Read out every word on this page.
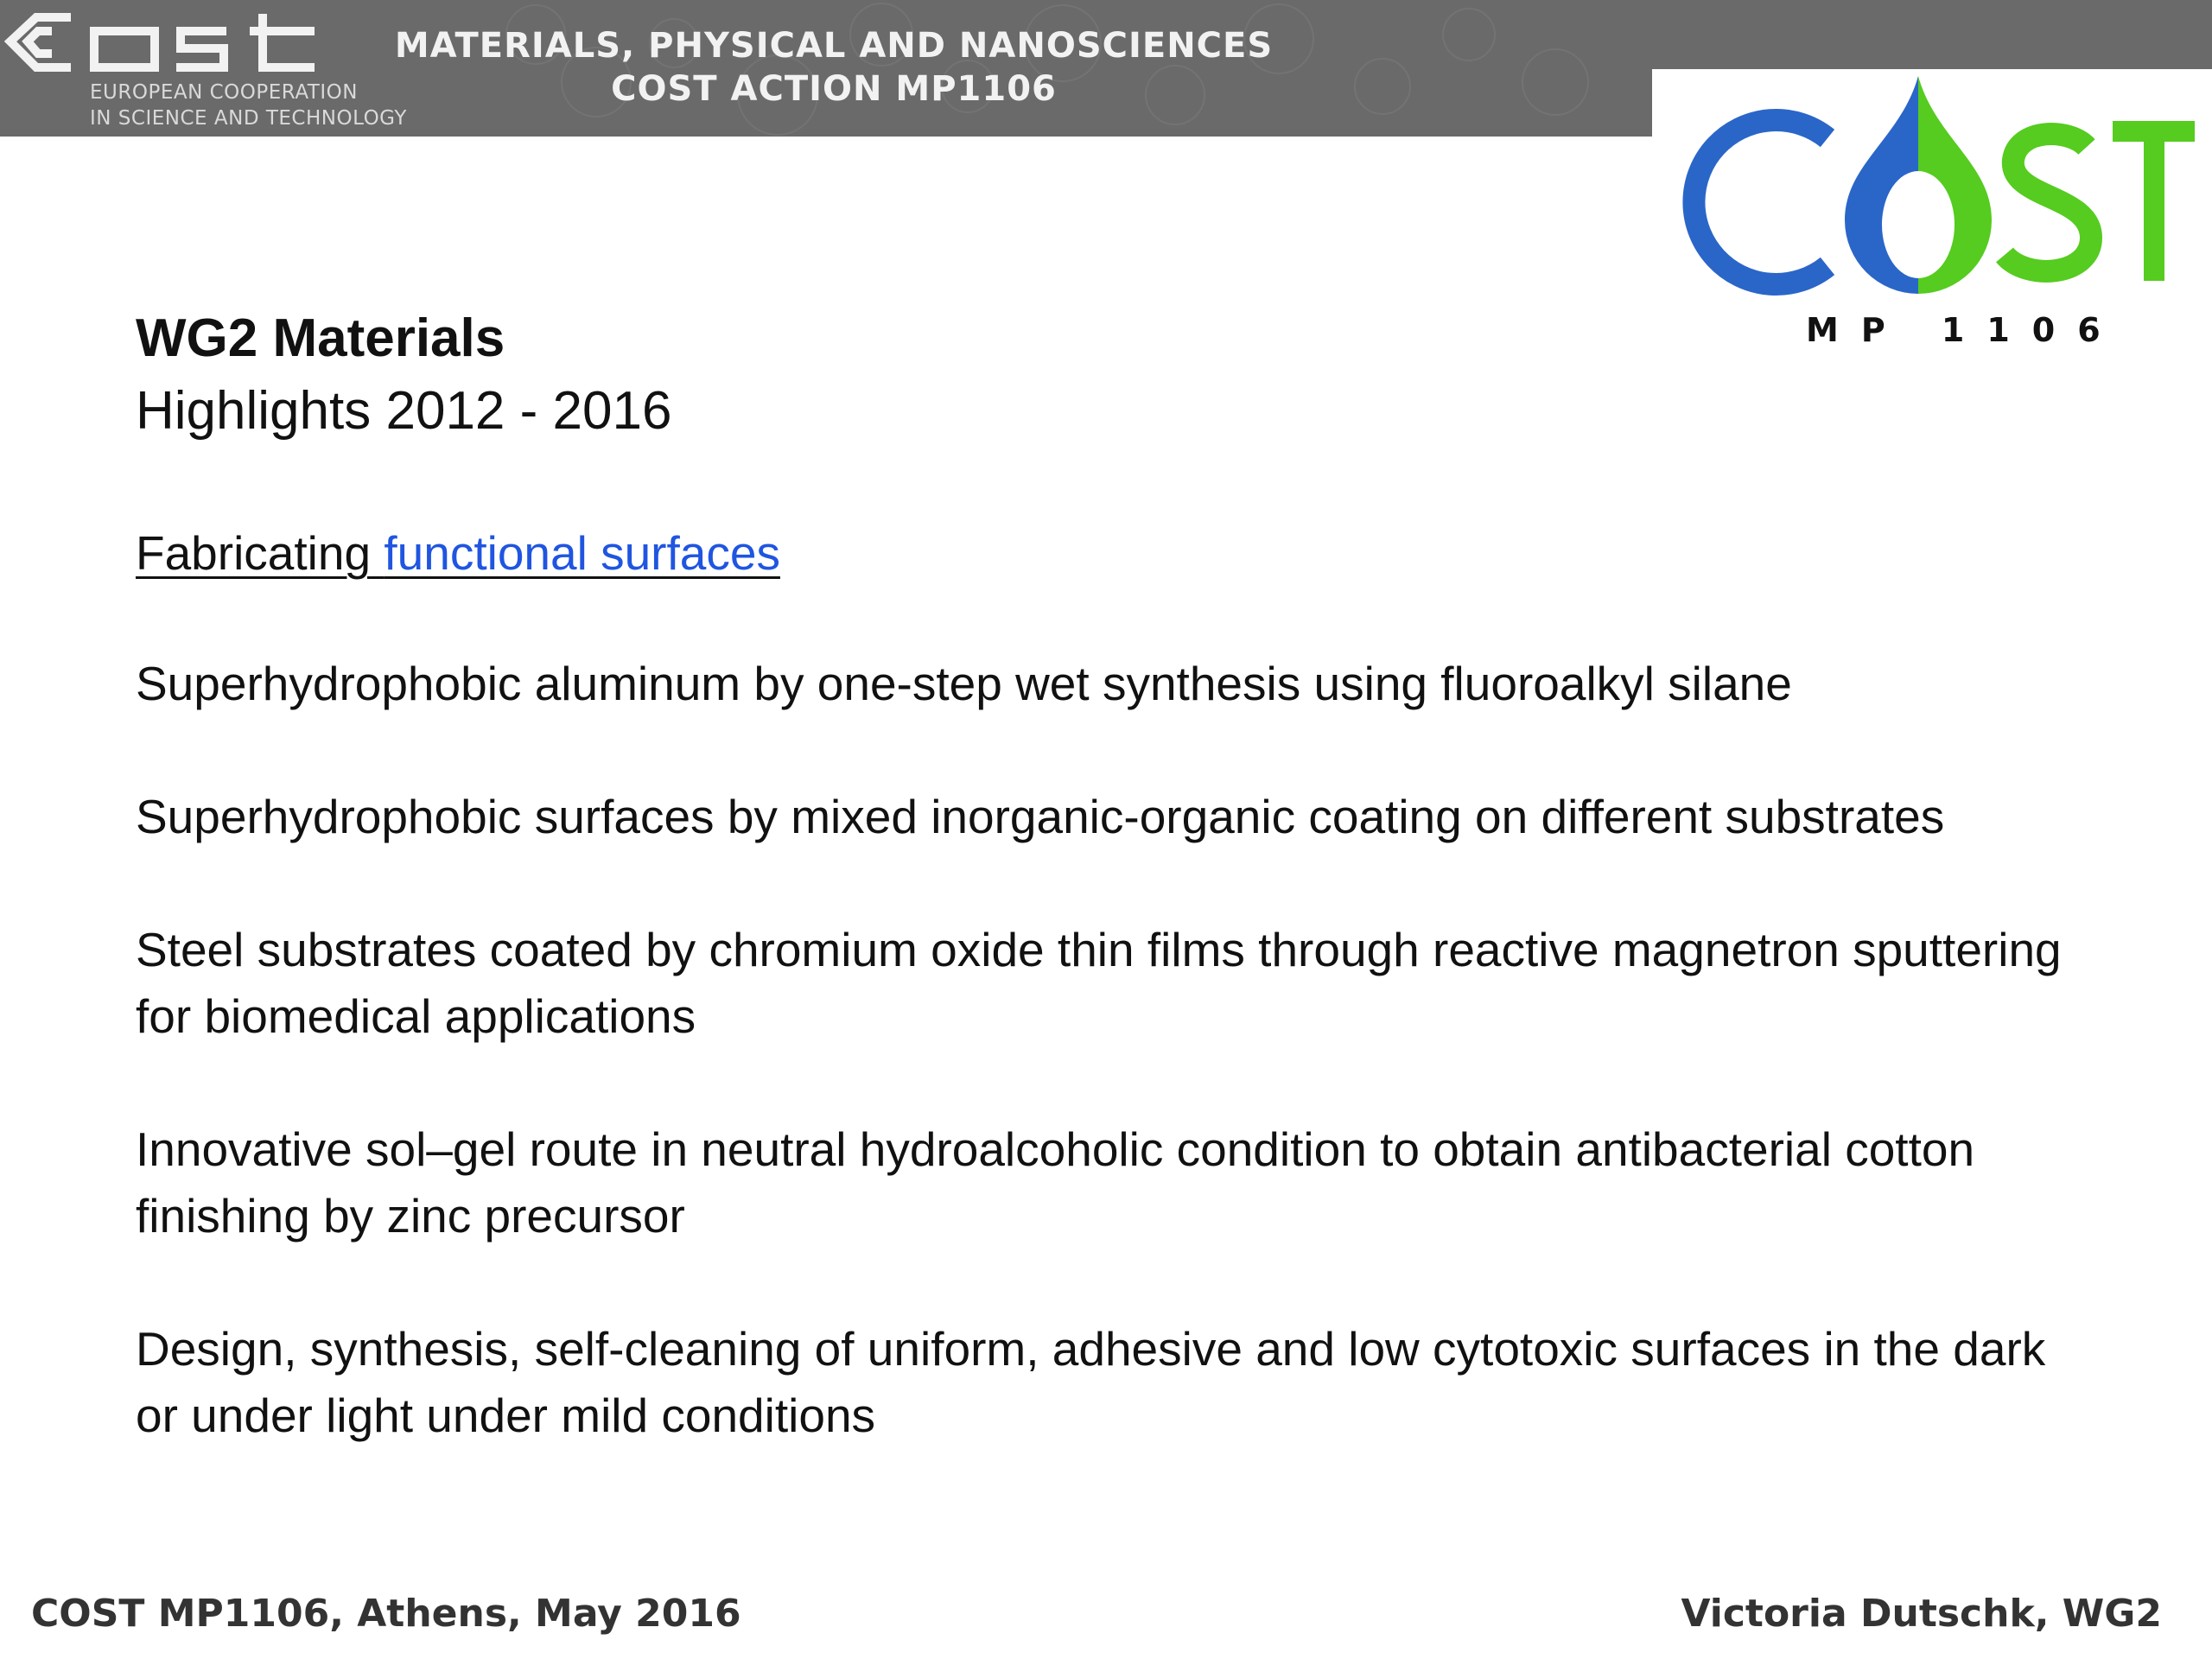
EUROPEAN COOPERATION
IN SCIENCE AND TECHNOLOGY
MATERIALS, PHYSICAL AND NANOSCIENCES
COST ACTION MP1106
MP 1106

WG2 Materials

Highlights 2012 - 2016

Fabricating functional surfaces

Superhydrophobic aluminum by one-step wet synthesis using fluoroalkyl silane

Superhydrophobic surfaces by mixed inorganic-organic coating on different substrates

Steel substrates coated by chromium oxide thin films through reactive magnetron sputtering for biomedical applications

Innovative sol–gel route in neutral hydroalcoholic condition to obtain antibacterial cotton finishing by zinc precursor

Design, synthesis, self-cleaning of uniform, adhesive and low cytotoxic surfaces in the dark or under light under mild conditions

COST MP1106, Athens, May 2016	Victoria Dutschk, WG2
